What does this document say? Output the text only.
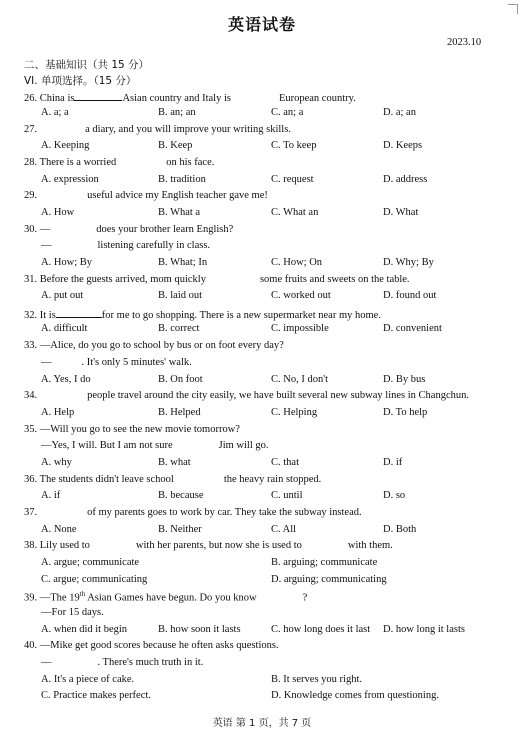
英语试卷
2023.10
二、基础知识（共 15 分）
VI. 单项选择。（15 分）
26. China is	Asian country and Italy is	European country.
A. a; a	B. an; an	C. an; a	D. a; an
27.	a diary, and you will improve your writing skills.
A. Keeping	B. Keep	C. To keep	D. Keeps
28. There is a worried	on his face.
A. expression	B. tradition	C. request	D. address
29.	useful advice my English teacher gave me!
A. How	B. What a	C. What an	D. What
30. —	does your brother learn English?
—	listening carefully in class.
A. How; By	B. What; In	C. How; On	D. Why; By
31. Before the guests arrived, mom quickly	some fruits and sweets on the table.
A. put out	B. laid out	C. worked out	D. found out
32. It is	for me to go shopping. There is a new supermarket near my home.
A. difficult	B. correct	C. impossible	D. convenient
33. —Alice, do you go to school by bus or on foot every day?
—	. It's only 5 minutes' walk.
A. Yes, I do	B. On foot	C. No, I don't	D. By bus
34.	people travel around the city easily, we have built several new subway lines in Changchun.
A. Help	B. Helped	C. Helping	D. To help
35. —Will you go to see the new movie tomorrow?
—Yes, I will. But I am not sure	Jim will go.
A. why	B. what	C. that	D. if
36. The students didn't leave school	the heavy rain stopped.
A. if	B. because	C. until	D. so
37.	of my parents goes to work by car. They take the subway instead.
A. None	B. Neither	C. All	D. Both
38. Lily used to	with her parents, but now she is used to	with them.
A. argue; communicate	B. arguing; communicate
C. argue; communicating	D. arguing; communicating
39. —The 19th Asian Games have begun. Do you know	?
—For 15 days.
A. when did it begin	B. how soon it lasts	C. how long does it last D. how long it lasts
40. —Mike get good scores because he often asks questions.
—	. There's much truth in it.
A. It's a piece of cake.	B. It serves you right.
C. Practice makes perfect.	D. Knowledge comes from questioning.
英语 第 1 页，共 7 页
